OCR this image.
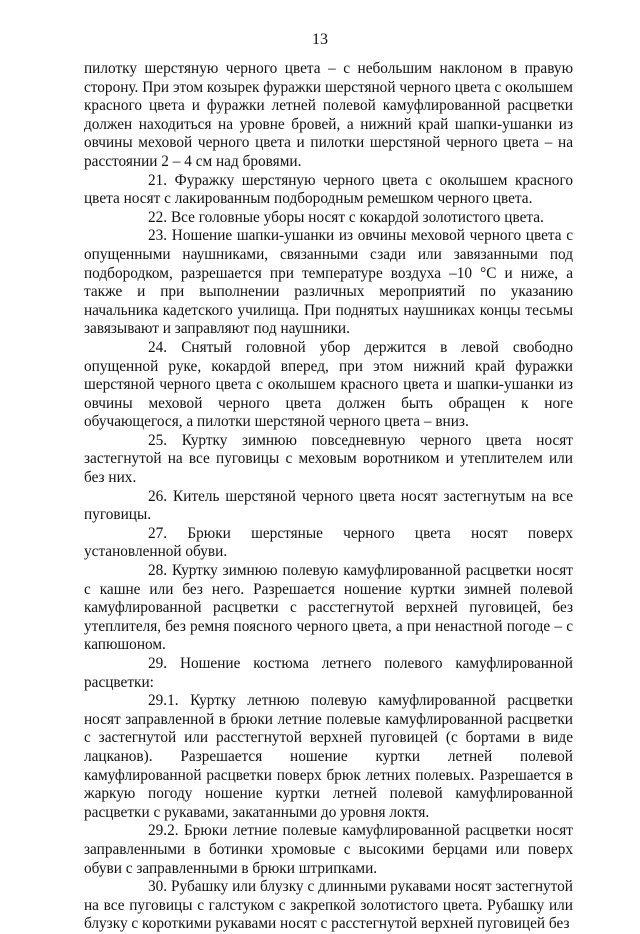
13

пилотку шерстяную черного цвета – с небольшим наклоном в правую сторону. При этом козырек фуражки шерстяной черного цвета с околышем красного цвета и фуражки летней полевой камуфлированной расцветки должен находиться на уровне бровей, а нижний край шапки-ушанки из овчины меховой черного цвета и пилотки шерстяной черного цвета – на расстоянии 2 – 4 см над бровями.

21. Фуражку шерстяную черного цвета с околышем красного цвета носят с лакированным подбородным ремешком черного цвета.

22. Все головные уборы носят с кокардой золотистого цвета.

23. Ношение шапки-ушанки из овчины меховой черного цвета с опущенными наушниками, связанными сзади или завязанными под подбородком, разрешается при температуре воздуха –10 °C и ниже, а также и при выполнении различных мероприятий по указанию начальника кадетского училища. При поднятых наушниках концы тесьмы завязывают и заправляют под наушники.

24. Снятый головной убор держится в левой свободно опущенной руке, кокардой вперед, при этом нижний край фуражки шерстяной черного цвета с околышем красного цвета и шапки-ушанки из овчины меховой черного цвета должен быть обращен к ноге обучающегося, а пилотки шерстяной черного цвета – вниз.

25. Куртку зимнюю повседневную черного цвета носят застегнутой на все пуговицы с меховым воротником и утеплителем или без них.

26. Китель шерстяной черного цвета носят застегнутым на все пуговицы.

27. Брюки шерстяные черного цвета носят поверх установленной обуви.

28. Куртку зимнюю полевую камуфлированной расцветки носят с кашне или без него. Разрешается ношение куртки зимней полевой камуфлированной расцветки с расстегнутой верхней пуговицей, без утеплителя, без ремня поясного черного цвета, а при ненастной погоде – с капюшоном.

29. Ношение костюма летнего полевого камуфлированной расцветки:

29.1. Куртку летнюю полевую камуфлированной расцветки носят заправленной в брюки летние полевые камуфлированной расцветки с застегнутой или расстегнутой верхней пуговицей (с бортами в виде лацканов). Разрешается ношение куртки летней полевой камуфлированной расцветки поверх брюк летних полевых. Разрешается в жаркую погоду ношение куртки летней полевой камуфлированной расцветки с рукавами, закатанными до уровня локтя.

29.2. Брюки летние полевые камуфлированной расцветки носят заправленными в ботинки хромовые с высокими берцами или поверх обуви с заправленными в брюки штрипками.

30. Рубашку или блузку с длинными рукавами носят застегнутой на все пуговицы с галстуком с закрепкой золотистого цвета. Рубашку или блузку с короткими рукавами носят с расстегнутой верхней пуговицей без
